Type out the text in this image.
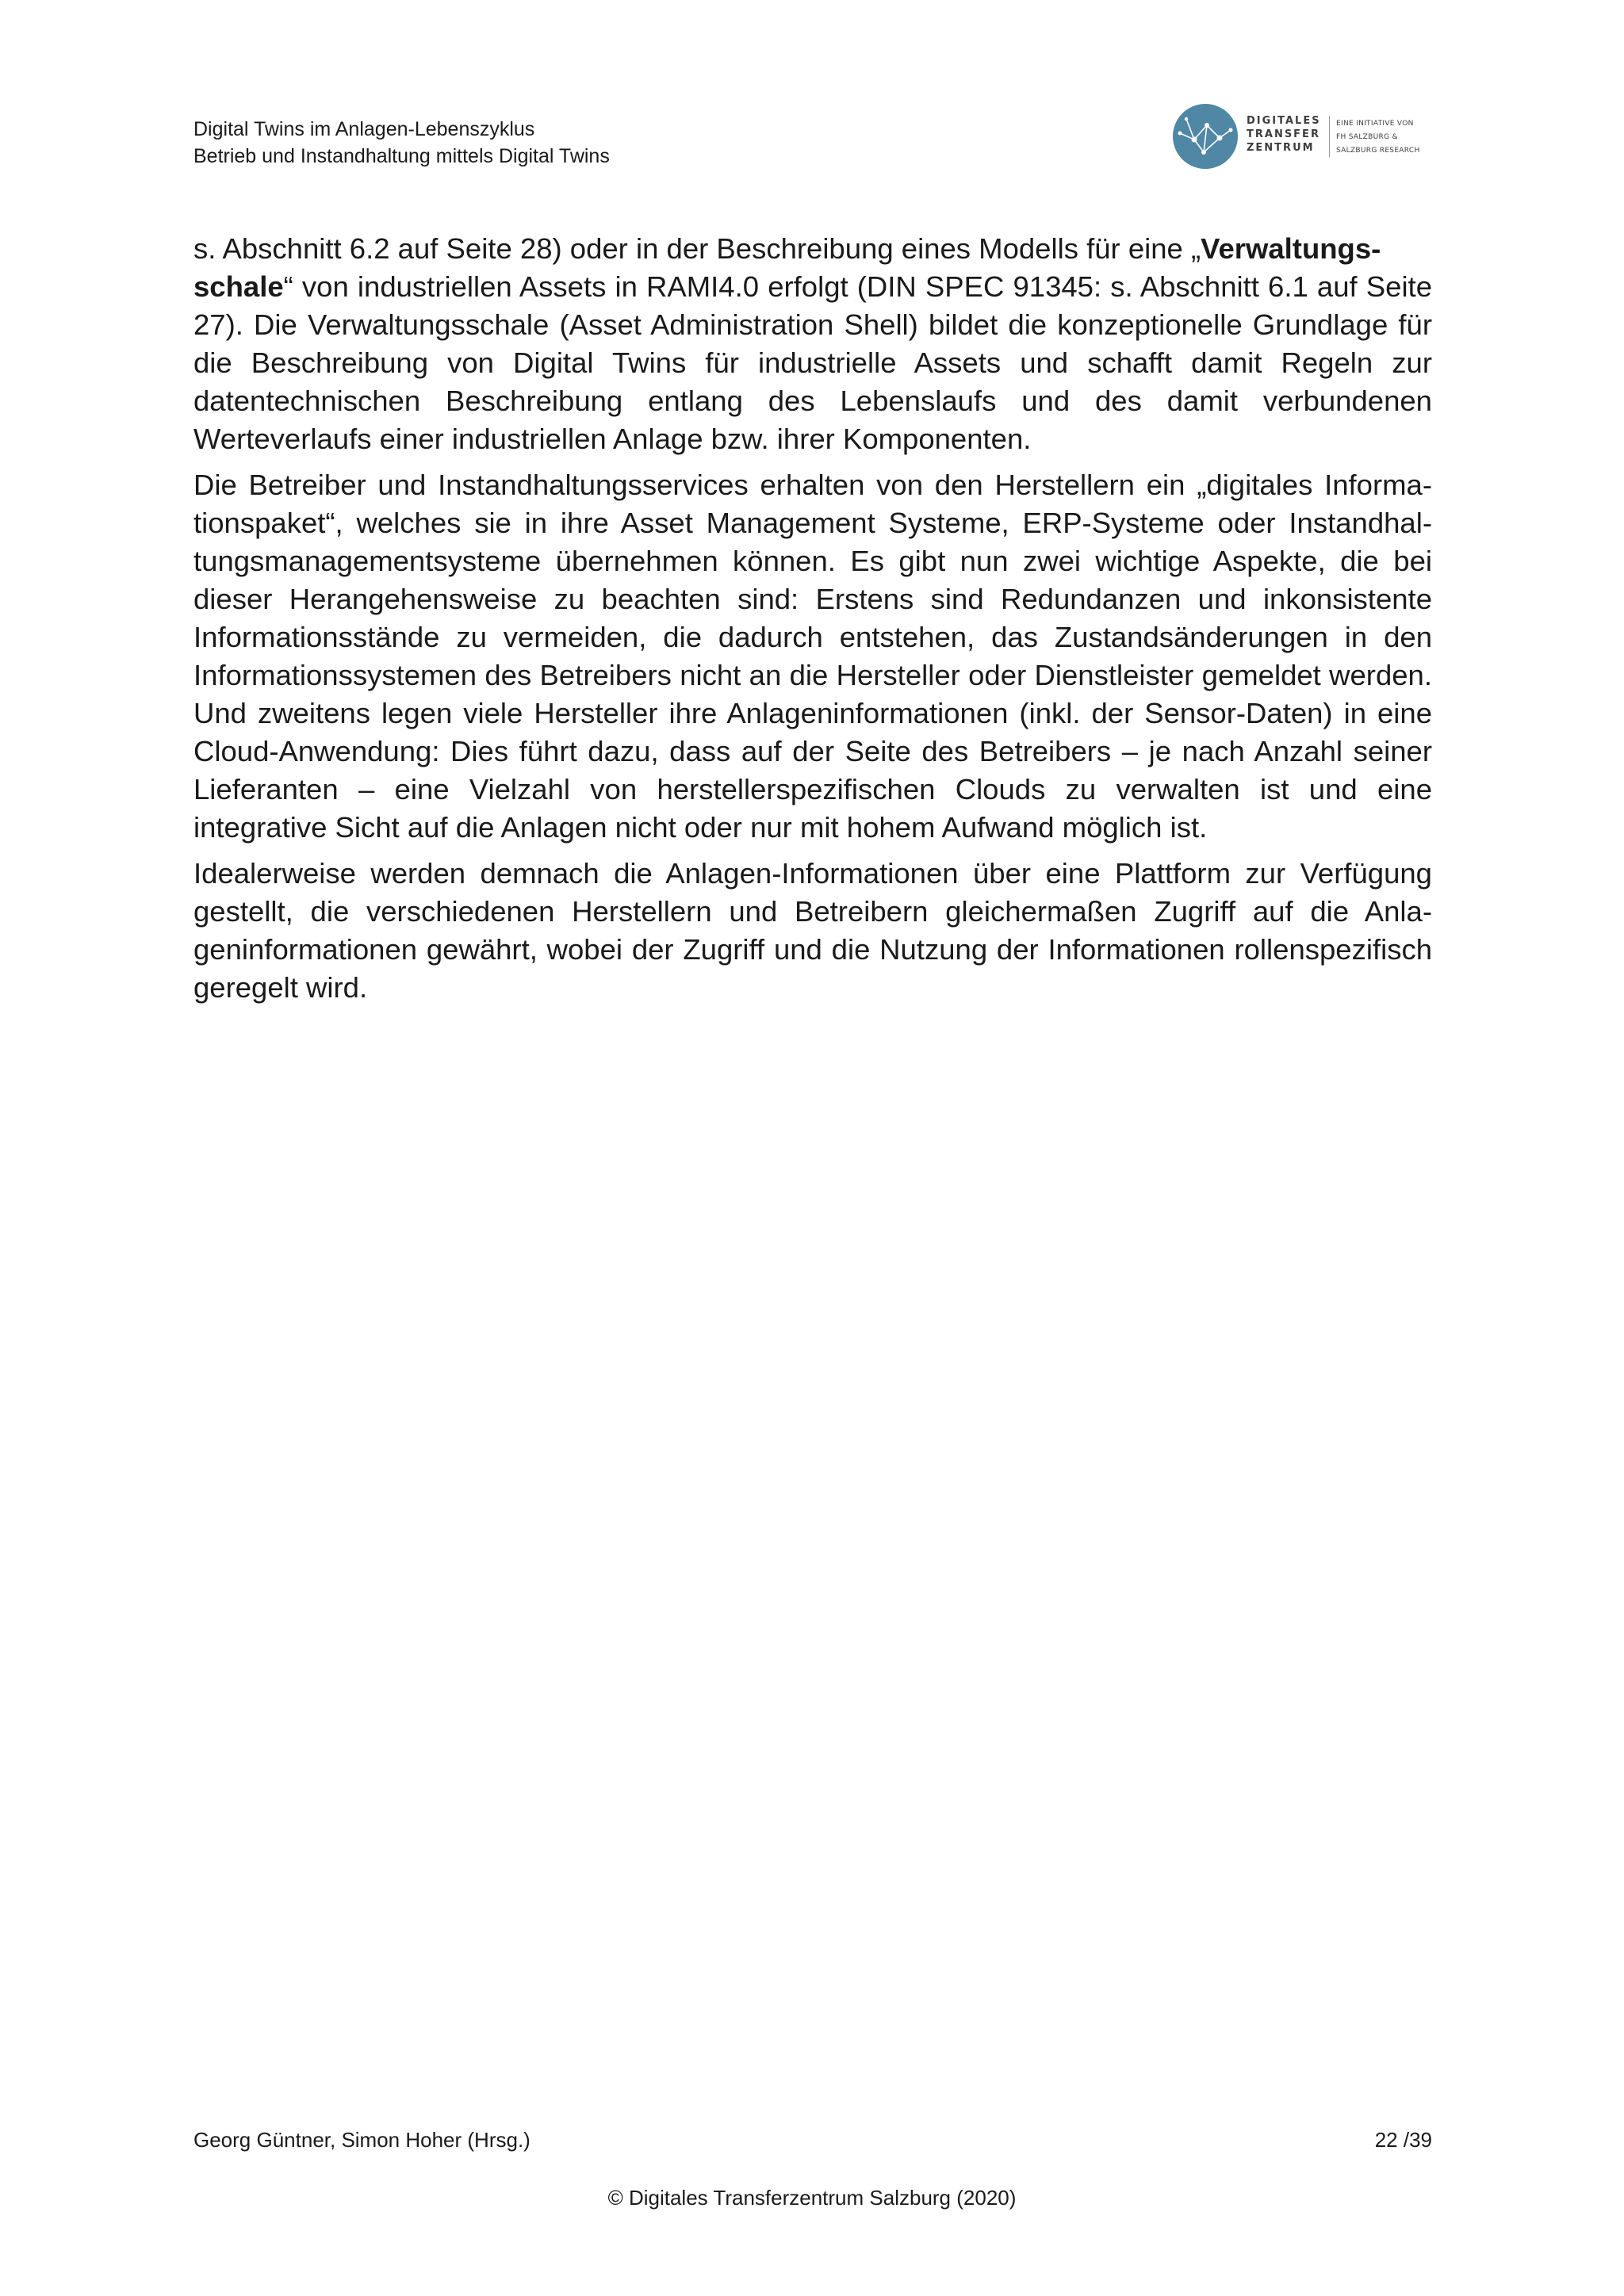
Digital Twins im Anlagen-Lebenszyklus
Betrieb und Instandhaltung mittels Digital Twins
DIGITALES
TRANSFER
ZENTRUM
EINE INITIATIVE VON
FH SALZBURG &
SALZBURG RESEARCH

s. Abschnitt 6.2 auf Seite 28) oder in der Beschreibung eines Modells für eine „Verwaltungs-
schale“ von industriellen Assets in RAMI4.0 erfolgt (DIN SPEC 91345: s. Abschnitt 6.1 auf Seite 27). Die Verwaltungsschale (Asset Administration Shell) bildet die konzeptionelle Grundlage für die Beschreibung von Digital Twins für industrielle Assets und schafft damit Regeln zur datentechnischen Beschreibung entlang des Lebenslaufs und des damit verbundenen Werteverlaufs einer industriellen Anlage bzw. ihrer Komponenten.

Die Betreiber und Instandhaltungsservices erhalten von den Herstellern ein „digitales Informationspaket“, welches sie in ihre Asset Management Systeme, ERP-Systeme oder Instandhaltungsmanagementsysteme übernehmen können. Es gibt nun zwei wichtige Aspekte, die bei dieser Herangehensweise zu beachten sind: Erstens sind Redundanzen und inkonsistente Informationsstände zu vermeiden, die dadurch entstehen, das Zustandsänderungen in den Informationssystemen des Betreibers nicht an die Hersteller oder Dienstleister gemeldet werden. Und zweitens legen viele Hersteller ihre Anlageninformationen (inkl. der Sensor-Daten) in eine Cloud-Anwendung: Dies führt dazu, dass auf der Seite des Betreibers – je nach Anzahl seiner Lieferanten – eine Vielzahl von herstellerspezifischen Clouds zu verwalten ist und eine integrative Sicht auf die Anlagen nicht oder nur mit hohem Aufwand möglich ist.

Idealerweise werden demnach die Anlagen-Informationen über eine Plattform zur Verfügung gestellt, die verschiedenen Herstellern und Betreibern gleichermaßen Zugriff auf die Anlageninformationen gewährt, wobei der Zugriff und die Nutzung der Informationen rollenspezifisch geregelt wird.

Georg Güntner, Simon Hoher (Hrsg.)	22 /39
© Digitales Transferzentrum Salzburg (2020)
